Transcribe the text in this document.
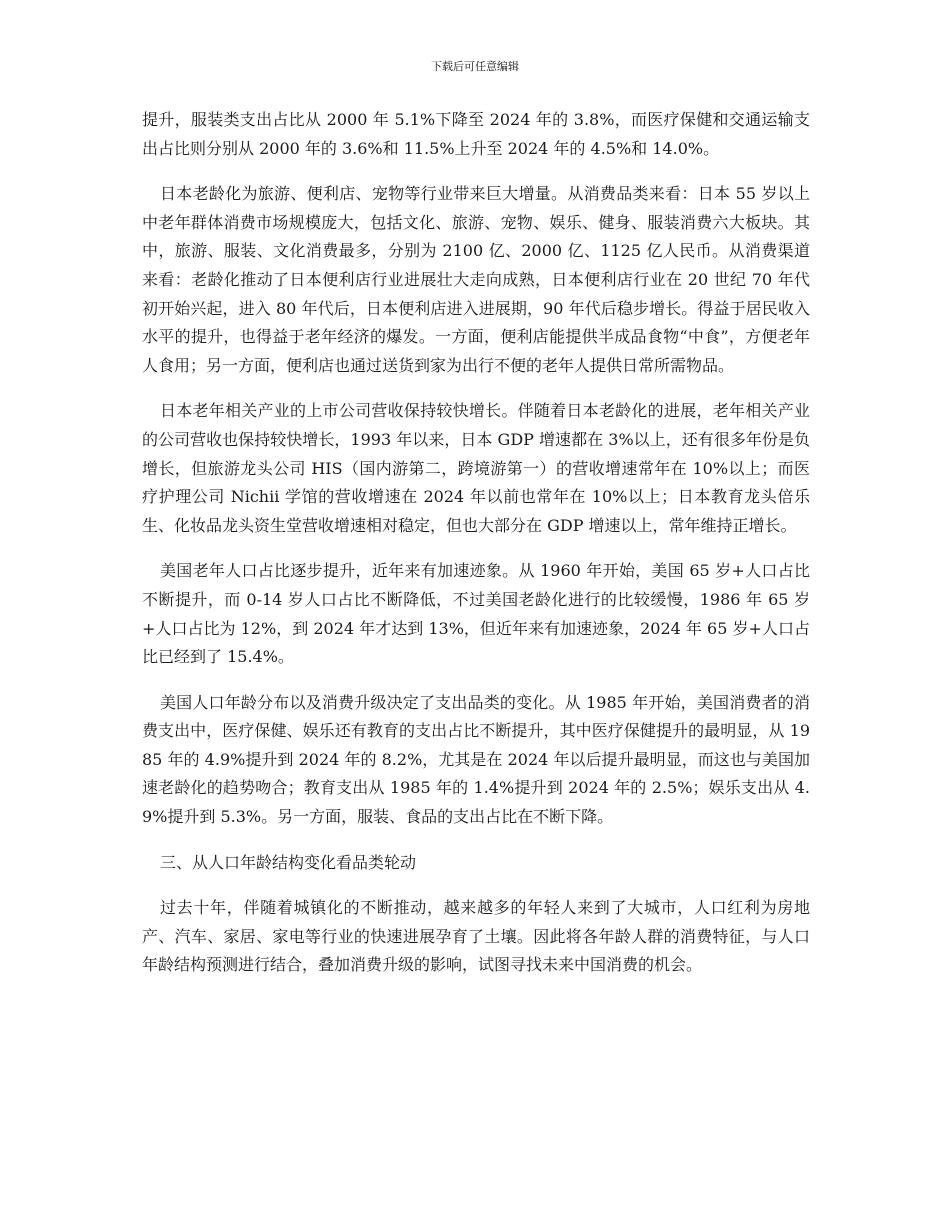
下载后可任意编辑

提升，服装类支出占比从 2000 年 5.1%下降至 2024 年的 3.8%，而医疗保健和交通运输支出占比则分别从 2000 年的 3.6%和 11.5%上升至 2024 年的 4.5%和 14.0%。

日本老龄化为旅游、便利店、宠物等行业带来巨大增量。从消费品类来看：日本 55 岁以上中老年群体消费市场规模庞大，包括文化、旅游、宠物、娱乐、健身、服装消费六大板块。其中，旅游、服装、文化消费最多，分别为 2100 亿、2000 亿、1125 亿人民币。从消费渠道来看：老龄化推动了日本便利店行业进展壮大走向成熟，日本便利店行业在 20 世纪 70 年代初开始兴起，进入 80 年代后，日本便利店进入进展期，90 年代后稳步增长。得益于居民收入水平的提升，也得益于老年经济的爆发。一方面，便利店能提供半成品食物“中食”，方便老年人食用；另一方面，便利店也通过送货到家为出行不便的老年人提供日常所需物品。

日本老年相关产业的上市公司营收保持较快增长。伴随着日本老龄化的进展，老年相关产业的公司营收也保持较快增长，1993 年以来，日本 GDP 增速都在 3%以上，还有很多年份是负增长，但旅游龙头公司 HIS（国内游第二，跨境游第一）的营收增速常年在 10%以上；而医疗护理公司 Nichii 学馆的营收增速在 2024 年以前也常年在 10%以上；日本教育龙头倍乐生、化妆品龙头资生堂营收增速相对稳定，但也大部分在 GDP 增速以上，常年维持正增长。

美国老年人口占比逐步提升，近年来有加速迹象。从 1960 年开始，美国 65 岁+人口占比不断提升，而 0-14 岁人口占比不断降低，不过美国老龄化进行的比较缓慢，1986 年 65 岁+人口占比为 12%，到 2024 年才达到 13%，但近年来有加速迹象，2024 年 65 岁+人口占比已经到了 15.4%。

美国人口年龄分布以及消费升级决定了支出品类的变化。从 1985 年开始，美国消费者的消费支出中，医疗保健、娱乐还有教育的支出占比不断提升，其中医疗保健提升的最明显，从 1985 年的 4.9%提升到 2024 年的 8.2%，尤其是在 2024 年以后提升最明显，而这也与美国加速老龄化的趋势吻合；教育支出从 1985 年的 1.4%提升到 2024 年的 2.5%；娱乐支出从 4.9%提升到 5.3%。另一方面，服装、食品的支出占比在不断下降。

三、从人口年龄结构变化看品类轮动

过去十年，伴随着城镇化的不断推动，越来越多的年轻人来到了大城市，人口红利为房地产、汽车、家居、家电等行业的快速进展孕育了土壤。因此将各年龄人群的消费特征，与人口年龄结构预测进行结合，叠加消费升级的影响，试图寻找未来中国消费的机会。
